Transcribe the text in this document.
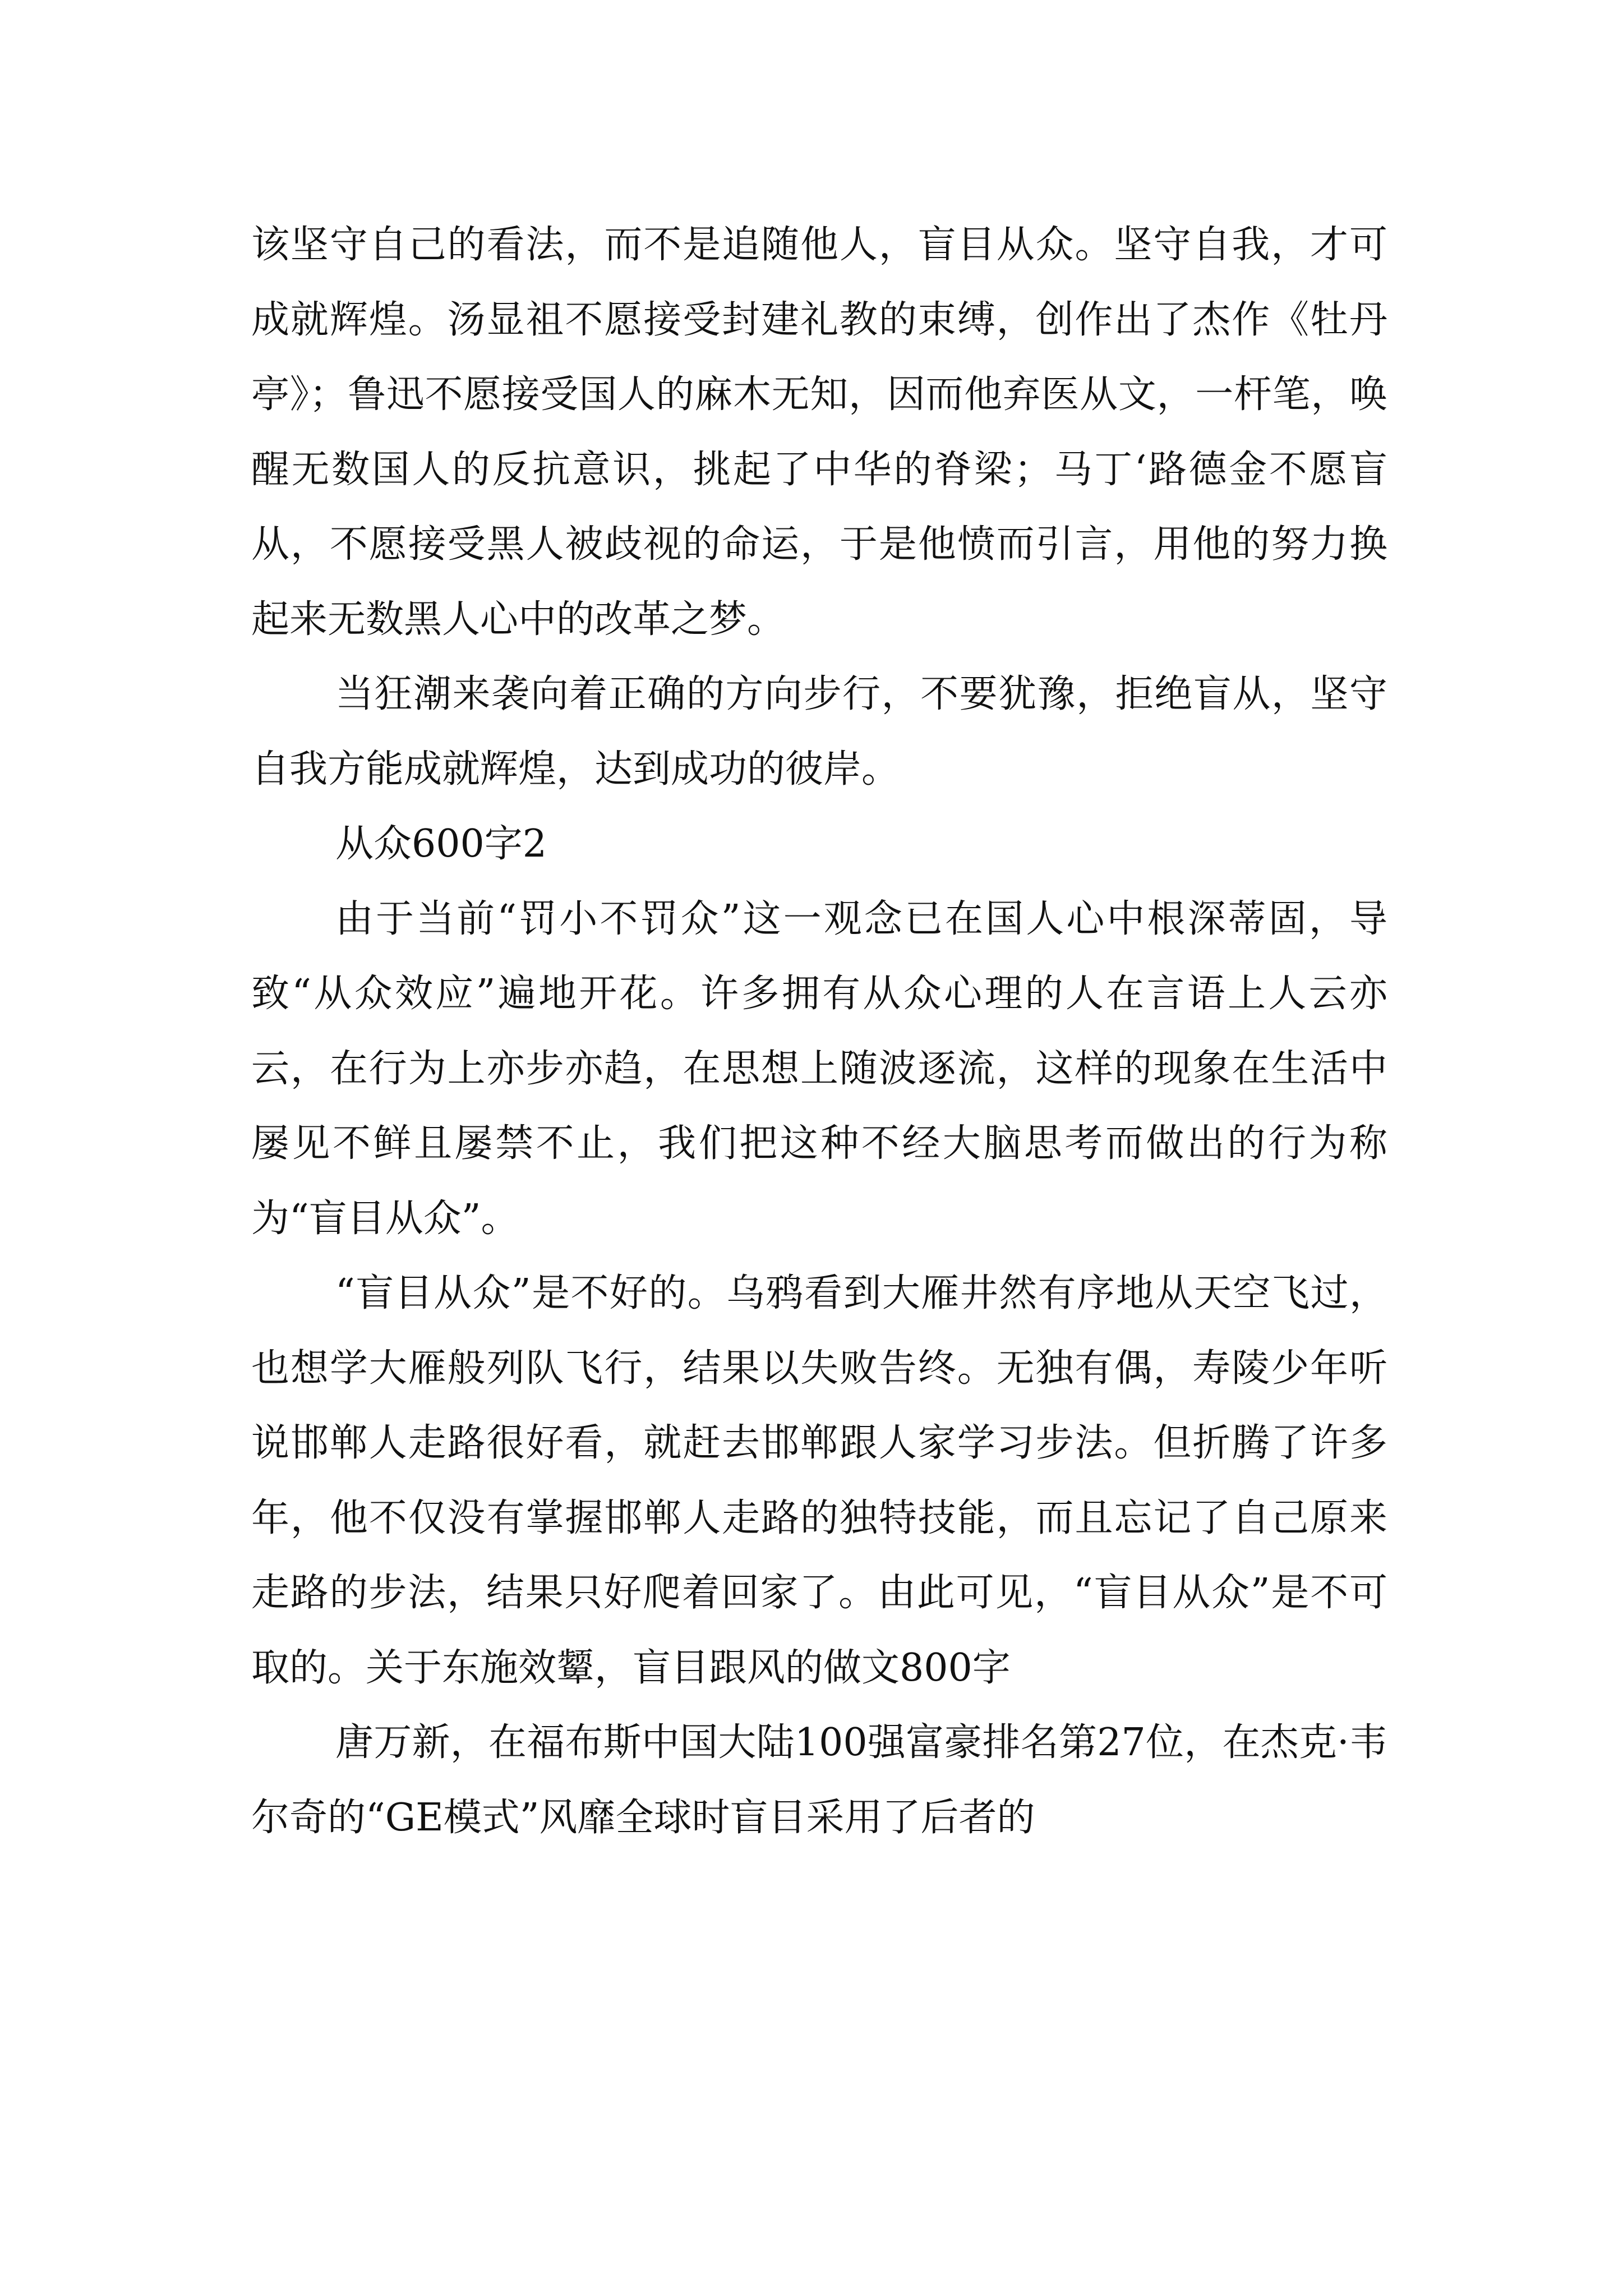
该坚守自己的看法，而不是追随他人，盲目从众。坚守自我，才可成就辉煌。汤显祖不愿接受封建礼教的束缚，创作出了杰作《牡丹亭》；鲁迅不愿接受国人的麻木无知，因而他弃医从文，一杆笔，唤醒无数国人的反抗意识，挑起了中华的脊梁；马丁‘路德金不愿盲从，不愿接受黑人被歧视的命运，于是他愤而引言，用他的努力换起来无数黑人心中的改革之梦。

当狂潮来袭向着正确的方向步行，不要犹豫，拒绝盲从，坚守自我方能成就辉煌，达到成功的彼岸。

从众600字2

由于当前“罚小不罚众”这一观念已在国人心中根深蒂固，导致“从众效应”遍地开花。许多拥有从众心理的人在言语上人云亦云，在行为上亦步亦趋，在思想上随波逐流，这样的现象在生活中屡见不鲜且屡禁不止，我们把这种不经大脑思考而做出的行为称为“盲目从众”。

“盲目从众”是不好的。乌鸦看到大雁井然有序地从天空飞过，也想学大雁般列队飞行，结果以失败告终。无独有偶，寿陵少年听说邯郸人走路很好看，就赶去邯郸跟人家学习步法。但折腾了许多年，他不仅没有掌握邯郸人走路的独特技能，而且忘记了自己原来走路的步法，结果只好爬着回家了。由此可见，“盲目从众”是不可取的。关于东施效颦，盲目跟风的做文800字

唐万新，在福布斯中国大陆100强富豪排名第27位，在杰克·韦尔奇的“GE模式”风靡全球时盲目采用了后者的
